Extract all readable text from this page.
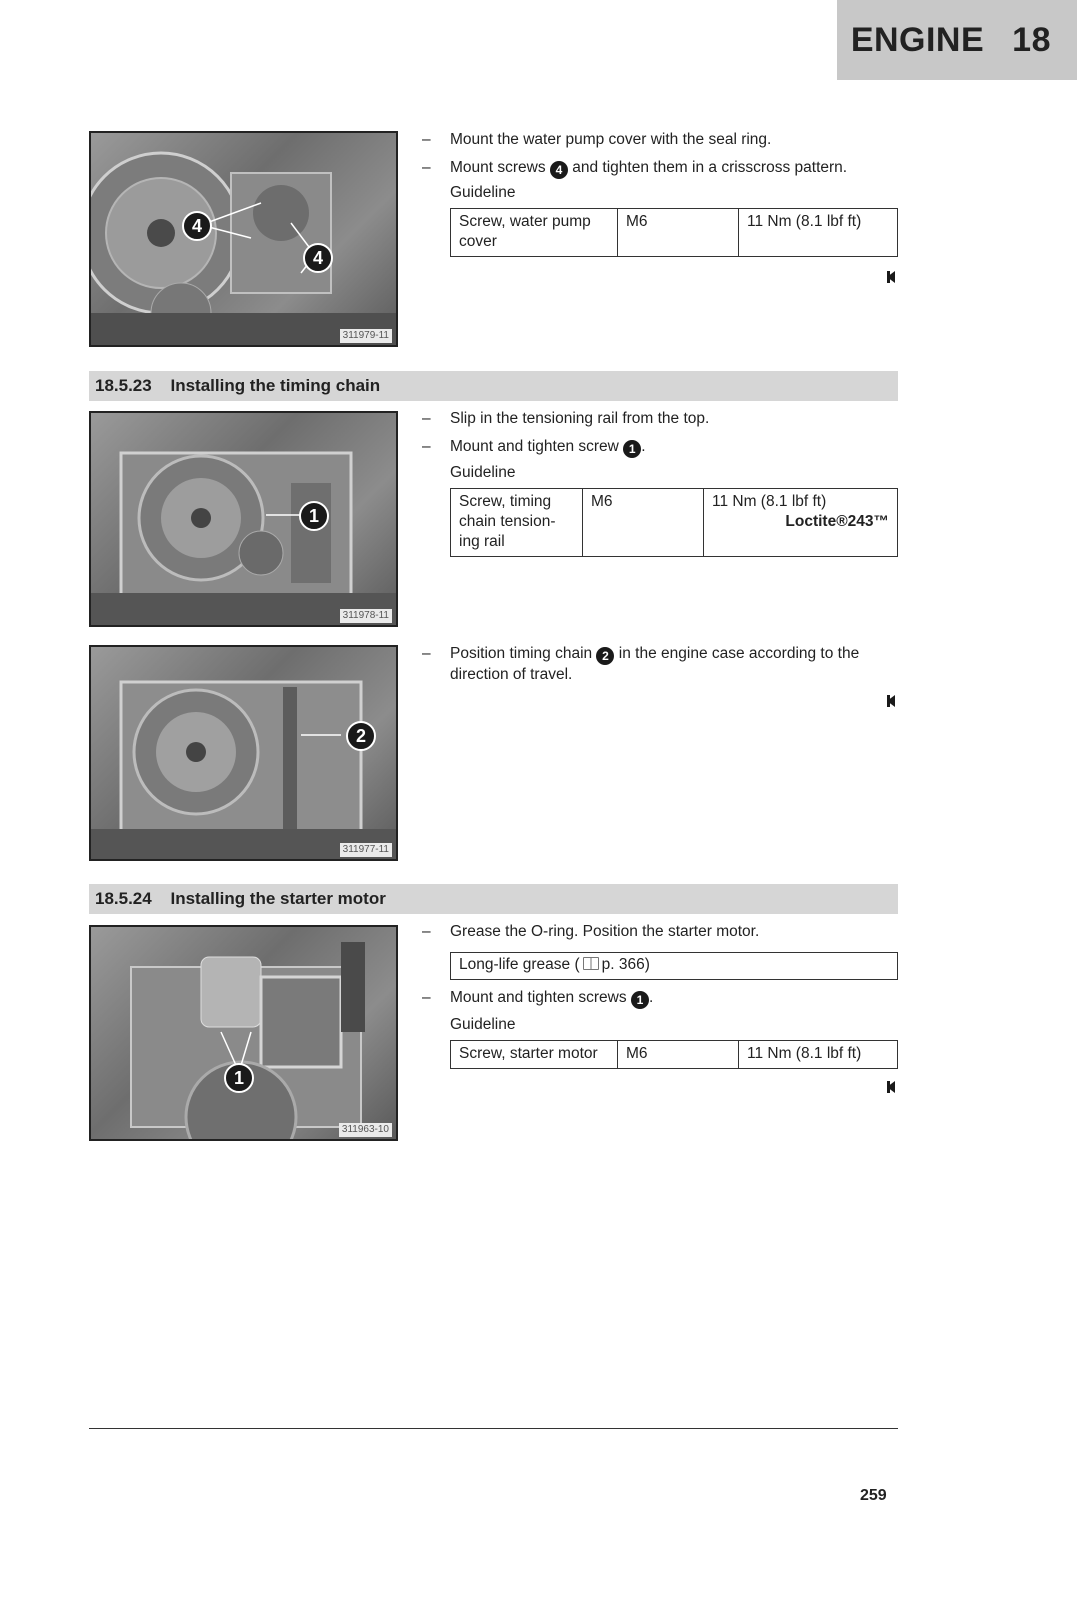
ENGINE 18
4
4
311979-11
– Mount the water pump cover with the seal ring.
– Mount screws 4 and tighten them in a crisscross pattern.
Guideline
Screw, water pump cover	M6	11 Nm (8.1 lbf ft)
18.5.23 Installing the timing chain
1
311978-11
– Slip in the tensioning rail from the top.
– Mount and tighten screw 1 .
Guideline
Screw, timing chain tension-ing rail	M6	11 Nm (8.1 lbf ft)
Loctite®243™
2
311977-11
– Position timing chain 2 in the engine case according to the direction of travel.
18.5.24 Installing the starter motor
1
311963-10
– Grease the O-ring. Position the starter motor.
Long-life grease ( p. 366)
– Mount and tighten screws 1 .
Guideline
Screw, starter motor	M6	11 Nm (8.1 lbf ft)
259
